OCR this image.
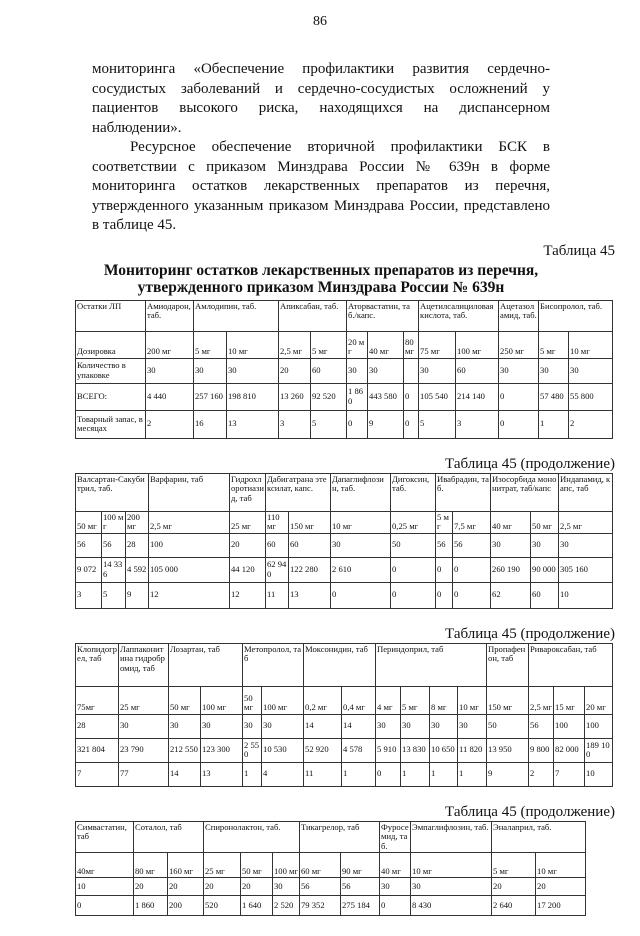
86
мониторинга «Обеспечение профилактики развития сердечно-сосудистых заболеваний и сердечно-сосудистых осложнений у пациентов высокого риска, находящихся на диспансерном наблюдении».
Ресурсное обеспечение вторичной профилактики БСК в соответствии с приказом Минздрава России № 639н в форме мониторинга остатков лекарственных препаратов из перечня, утвержденного указанным приказом Минздрава России, представлено в таблице 45.
Таблица 45
Мониторинг остатков лекарственных препаратов из перечня, утвержденного приказом Минздрава России № 639н
Остатки ЛП	Амиодарон, таб.	Амлодипин, таб.		Апиксабан, таб.		Аторвастатин, таб./капс.			Ацетилсалициловая кислота, таб.		Ацетазоламид, таб.	Бисопролол, таб.	
Дозировка	200 мг	5 мг	10 мг	2,5 мг	5 мг	20 мг	40 мг	80 мг	75 мг	100 мг	250 мг	5 мг	10 мг
Количество в упаковке	30	30	30	20	60	30	30		30	60	30	30	30
ВСЕГО:	4 440	257 160	198 810	13 260	92 520	1 860	443 580	0	105 540	214 140	0	57 480	55 800
Товарный запас, в месяцах	2	16	13	3	5	0	9	0	5	3	0	1	2
Таблица 45 (продолжение)
Валсартан-Сакубитрил, таб.			Варфарин, таб	Гидрохлоротиазид, таб	Дабигатрана этексилат, капс.		Дапаглифлозин, таб.	Дигоксин, таб.	Ивабрадин, таб.		Изосорбида мононитрат, таб/капс		Индапамид, капс, таб
50 мг	100 мг	200 мг	2,5 мг	25 мг	110 мг	150 мг	10 мг	0,25 мг	5 мг	7,5 мг	40 мг	50 мг	2,5 мг
56	56	28	100	20	60	60	30	50	56	56	30	30	30
9 072	14 336	4 592	105 000	44 120	62 940	122 280	2 610	0	0	0	260 190	90 000	305 160
3	5	9	12	12	11	13	0	0	0	0	62	60	10
Таблица 45 (продолжение)
Клопидогрел, таб	Лаппаконитина гидробромид, таб	Лозартан, таб		Метопролол, таб		Моксонидин, таб		Периндоприл, таб				Пропафенон, таб	Ривароксабан, таб		
75мг	25 мг	50 мг	100 мг	50 мг	100 мг	0,2 мг	0,4 мг	4 мг	5 мг	8 мг	10 мг	150 мг	2,5 мг	15 мг	20 мг
28	30	30	30	30	30	14	14	30	30	30	30	50	56	100	100
321 804	23 790	212 550	123 300	2 550	10 530	52 920	4 578	5 910	13 830	10 650	11 820	13 950	9 800	82 000	189 100
7	77	14	13	1	4	11	1	0	1	1	1	9	2	7	10
Таблица 45 (продолжение)
Симвастатин, таб	Соталол, таб		Спиронолактон, таб.			Тикагрелор, таб		Фуросемид, таб.	Эмпаглифлозин, таб.	Эналаприл, таб.	
40мг	80 мг	160 мг	25 мг	50 мг	100 мг	60 мг	90 мг	40 мг	10 мг	5 мг	10 мг
10	20	20	20	20	30	56	56	30	30	20	20
0	1 860	200	520	1 640	2 520	79 352	275 184	0	8 430	2 640	17 200
